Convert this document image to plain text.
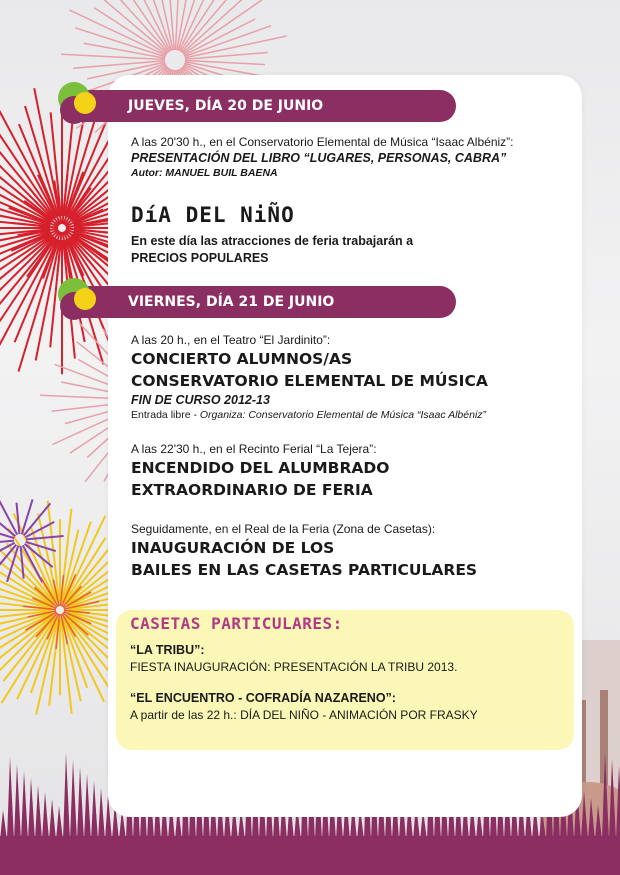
JUEVES, DÍA 20 DE JUNIO
A las 20'30 h., en el Conservatorio Elemental de Música “Isaac Albéniz”:
PRESENTACIÓN DEL LIBRO “LUGARES, PERSONAS, CABRA”
Autor: MANUEL BUIL BAENA
DíA DEL NiÑO
En este día las atracciones de feria trabajarán a
PRECIOS POPULARES
VIERNES, DÍA 21 DE JUNIO
A las 20 h., en el Teatro “El Jardinito”:
CONCIERTO ALUMNOS/AS
CONSERVATORIO ELEMENTAL DE MÚSICA
FIN DE CURSO 2012-13
Entrada libre - Organiza: Conservatorio Elemental de Música “Isaac Albéniz”
A las 22'30 h., en el Recinto Ferial “La Tejera”:
ENCENDIDO DEL ALUMBRADO
EXTRAORDINARIO DE FERIA
Seguidamente, en el Real de la Feria (Zona de Casetas):
INAUGURACIÓN DE LOS
BAILES EN LAS CASETAS PARTICULARES
CASETAS PARTICULARES:
“LA TRIBU”:
FIESTA INAUGURACIÓN: PRESENTACIÓN LA TRIBU 2013.
“EL ENCUENTRO - COFRADÍA NAZARENO”:
A partir de las 22 h.: DÍA DEL NIÑO - ANIMACIÓN POR FRASKY
